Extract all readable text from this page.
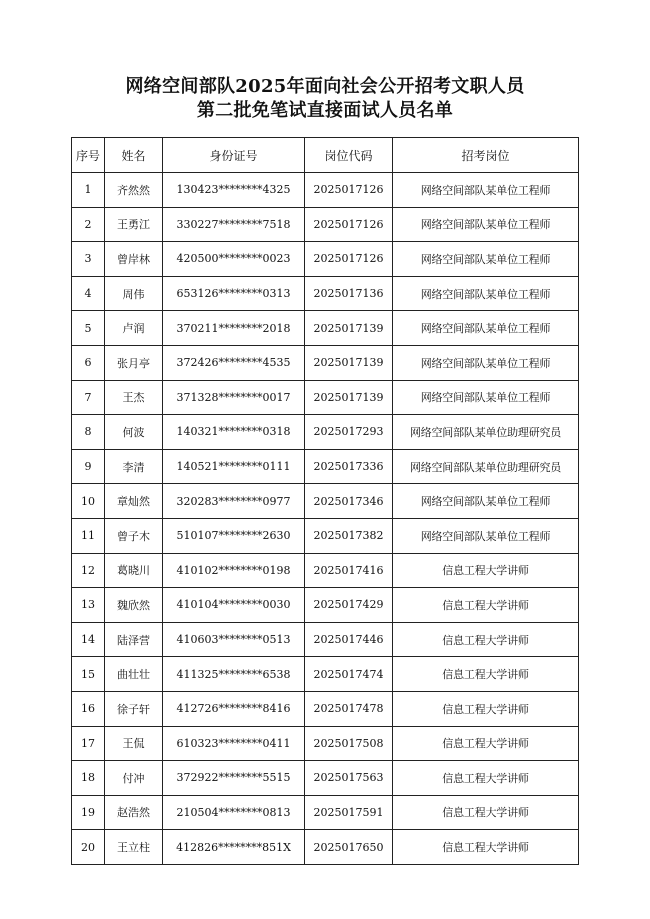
网络空间部队2025年面向社会公开招考文职人员
第二批免笔试直接面试人员名单
序号	姓名	身份证号	岗位代码	招考岗位
1	齐然然	130423********4325	2025017126	网络空间部队某单位工程师
2	王勇江	330227********7518	2025017126	网络空间部队某单位工程师
3	曾岸林	420500********0023	2025017126	网络空间部队某单位工程师
4	周伟	653126********0313	2025017136	网络空间部队某单位工程师
5	卢润	370211********2018	2025017139	网络空间部队某单位工程师
6	张月亭	372426********4535	2025017139	网络空间部队某单位工程师
7	王杰	371328********0017	2025017139	网络空间部队某单位工程师
8	何波	140321********0318	2025017293	网络空间部队某单位助理研究员
9	李清	140521********0111	2025017336	网络空间部队某单位助理研究员
10	章灿然	320283********0977	2025017346	网络空间部队某单位工程师
11	曾子木	510107********2630	2025017382	网络空间部队某单位工程师
12	葛晓川	410102********0198	2025017416	信息工程大学讲师
13	魏欣然	410104********0030	2025017429	信息工程大学讲师
14	陆泽营	410603********0513	2025017446	信息工程大学讲师
15	曲壮壮	411325********6538	2025017474	信息工程大学讲师
16	徐子轩	412726********8416	2025017478	信息工程大学讲师
17	王侃	610323********0411	2025017508	信息工程大学讲师
18	付冲	372922********5515	2025017563	信息工程大学讲师
19	赵浩然	210504********0813	2025017591	信息工程大学讲师
20	王立柱	412826********851X	2025017650	信息工程大学讲师
